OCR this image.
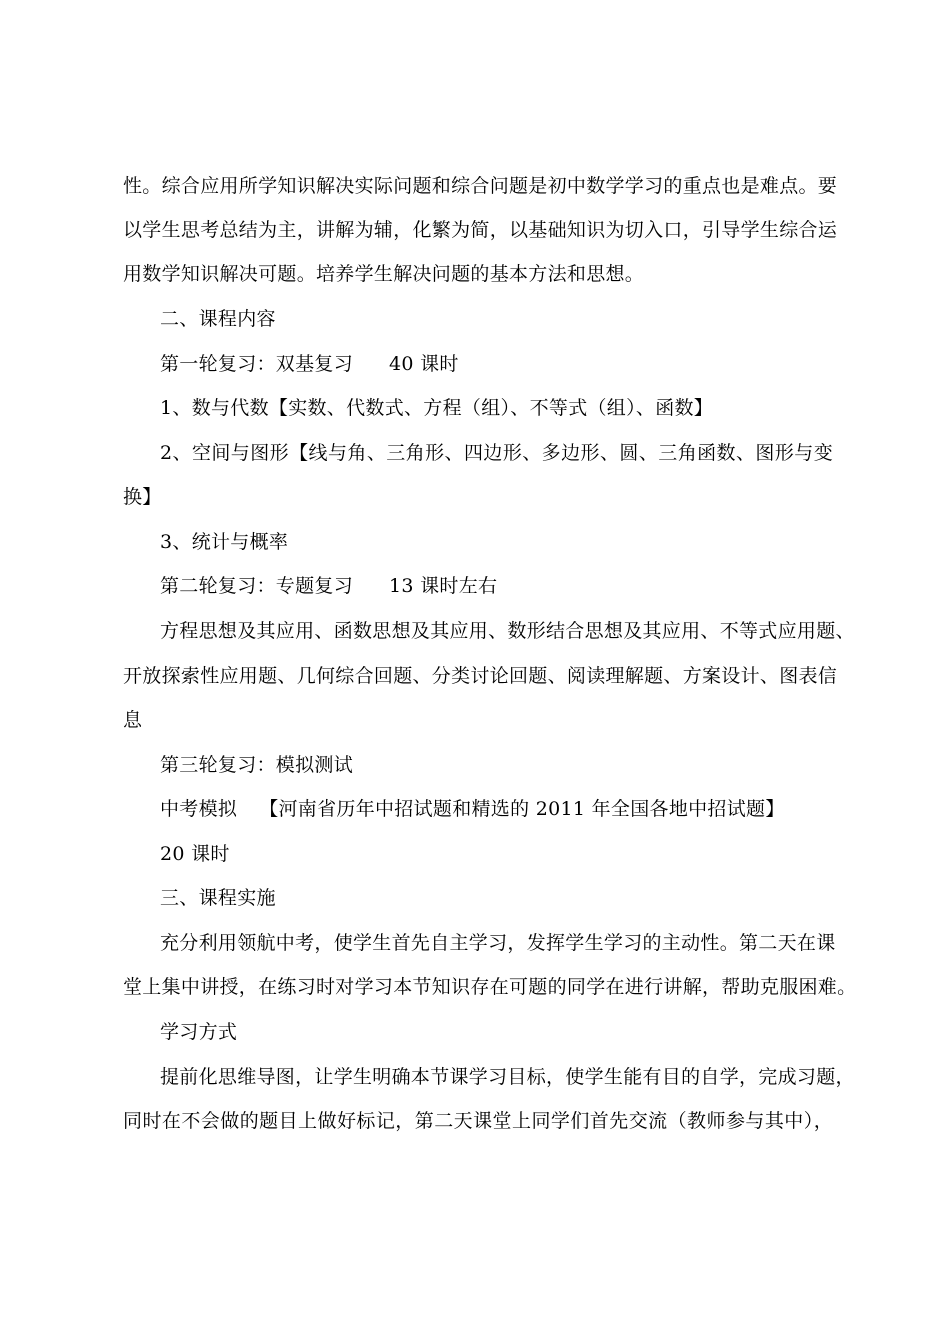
性。综合应用所学知识解决实际问题和综合问题是初中数学学习的重点也是难点。要
以学生思考总结为主，讲解为辅，化繁为简，以基础知识为切入口，引导学生综合运
用数学知识解决可题。培养学生解决问题的基本方法和思想。
二、课程内容
第一轮复习：双基复习 40 课时
1、数与代数【实数、代数式、方程（组）、不等式（组）、函数】
2、空间与图形【线与角、三角形、四边形、多边形、圆、三角函数、图形与变
换】
3、统计与概率
第二轮复习：专题复习 13 课时左右
方程思想及其应用、函数思想及其应用、数形结合思想及其应用、不等式应用题、
开放探索性应用题、几何综合回题、分类讨论回题、阅读理解题、方案设计、图表信
息
第三轮复习：模拟测试
中考模拟 【河南省历年中招试题和精选的 2011 年全国各地中招试题】
20 课时
三、课程实施
充分利用领航中考，使学生首先自主学习，发挥学生学习的主动性。第二天在课
堂上集中讲授，在练习时对学习本节知识存在可题的同学在进行讲解，帮助克服困难。
学习方式
提前化思维导图，让学生明确本节课学习目标，使学生能有目的自学，完成习题，
同时在不会做的题目上做好标记，第二天课堂上同学们首先交流（教师参与其中），
